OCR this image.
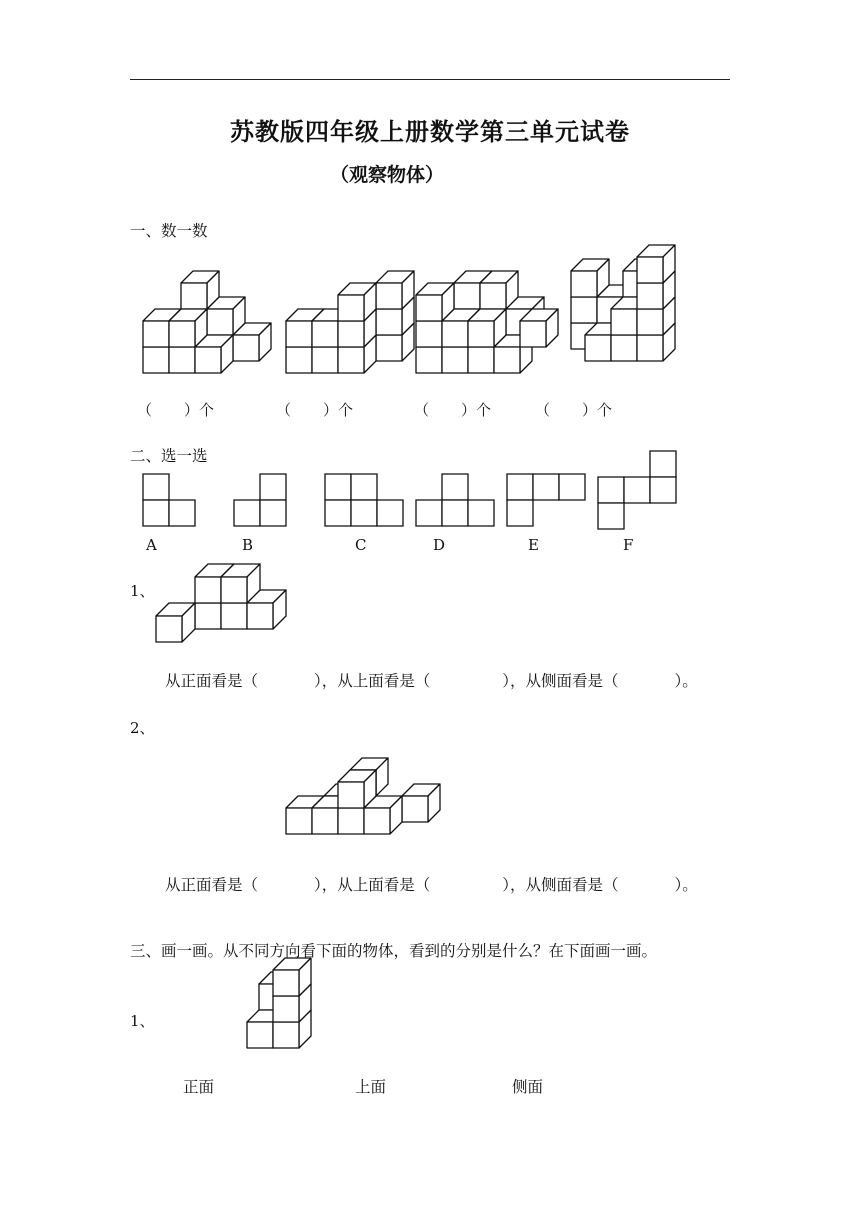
苏教版四年级上册数学第三单元试卷
（观察物体）
一、数一数
（ ）个	（ ）个	（ ）个	（ ）个
二、选一选
A	B	C	D	E	F
1、
从正面看是（	），从上面看是（	），从侧面看是（	）。
2、
从正面看是（	），从上面看是（	），从侧面看是（	）。
三、画一画。从不同方向看下面的物体，看到的分别是什么？在下面画一画。
1、
正面	上面	侧面
